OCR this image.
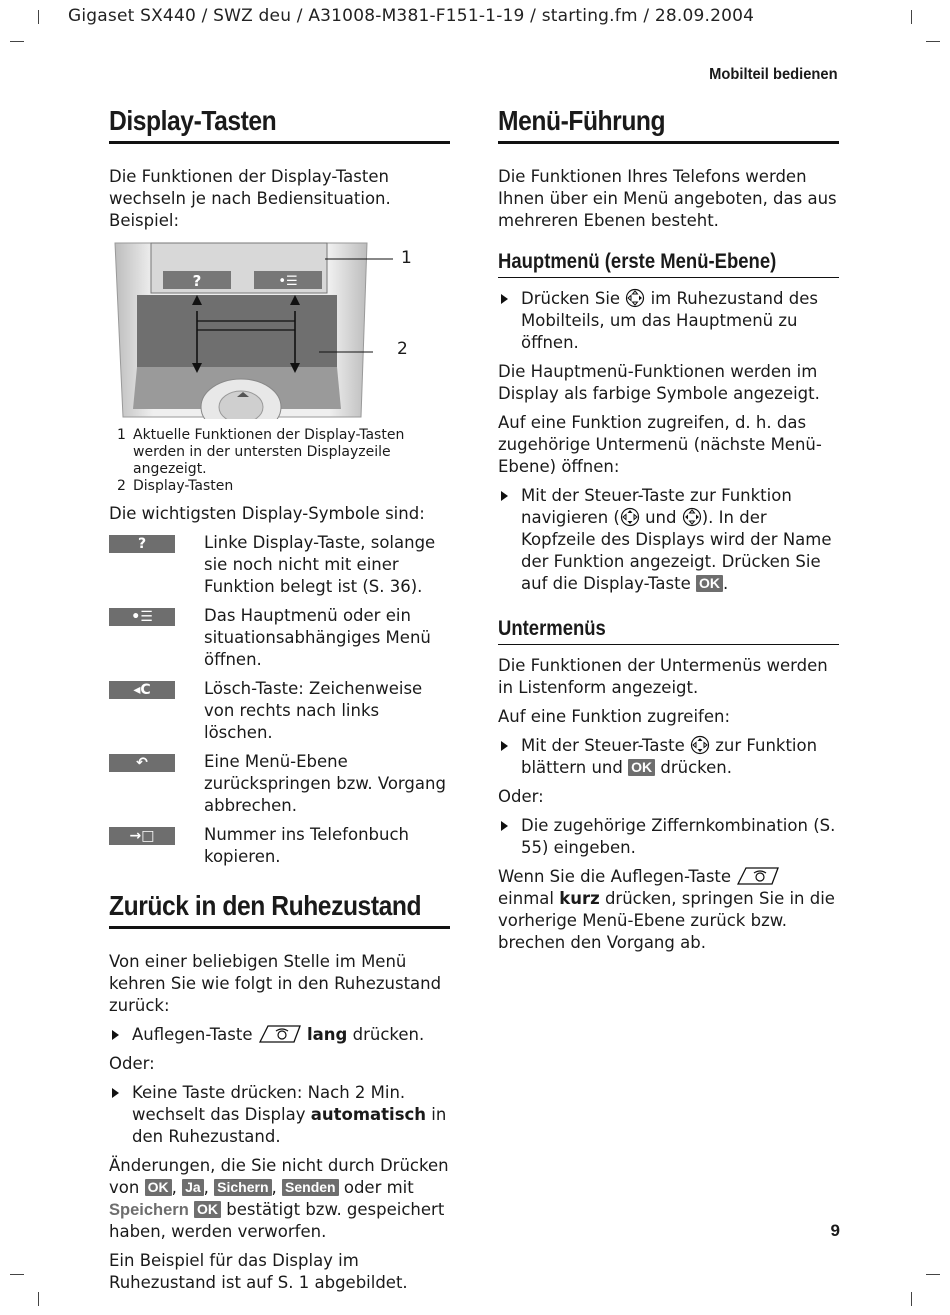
Gigaset SX440 / SWZ deu / A31008-M381-F151-1-19 / starting.fm / 28.09.2004
Mobilteil bedienen
Display-Tasten

Die Funktionen der Display-Tasten wechseln je nach Bediensituation. Beispiel:

?	•☰
1
2
1 Aktuelle Funktionen der Display-Tasten werden in der untersten Displayzeile angezeigt.
2 Display-Tasten

Die wichtigsten Display-Symbole sind:

?	Linke Display-Taste, solange sie noch nicht mit einer Funktion belegt ist (S. 36).
•☰	Das Hauptmenü oder ein situationsabhängiges Menü öffnen.
◂C	Lösch-Taste: Zeichenweise von rechts nach links löschen.
↶	Eine Menü-Ebene zurückspringen bzw. Vorgang abbrechen.
→□	Nummer ins Telefonbuch kopieren.
Zurück in den Ruhezustand

Von einer beliebigen Stelle im Menü kehren Sie wie folgt in den Ruhezustand zurück:

Auflegen-Taste	lang drücken.

Oder:

Keine Taste drücken: Nach 2 Min. wechselt das Display automatisch in den Ruhezustand.

Änderungen, die Sie nicht durch Drücken von OK , Ja , Sichern , Senden oder mit Speichern OK bestätigt bzw. gespeichert haben, werden verworfen.

Ein Beispiel für das Display im Ruhezustand ist auf S. 1 abgebildet.

Menü-Führung

Die Funktionen Ihres Telefons werden Ihnen über ein Menü angeboten, das aus mehreren Ebenen besteht.

Hauptmenü (erste Menü-Ebene)
Drücken Sie im Ruhezustand des Mobilteils, um das Hauptmenü zu öffnen.

Die Hauptmenü-Funktionen werden im Display als farbige Symbole angezeigt.

Auf eine Funktion zugreifen, d. h. das zugehörige Untermenü (nächste Menü-Ebene) öffnen:

Mit der Steuer-Taste zur Funktion navigieren ( und ). In der Kopfzeile des Displays wird der Name der Funktion angezeigt. Drücken Sie auf die Display-Taste OK .
Untermenüs

Die Funktionen der Untermenüs werden in Listenform angezeigt.

Auf eine Funktion zugreifen:

Mit der Steuer-Taste zur Funktion blättern und OK drücken.

Oder:

Die zugehörige Ziffernkombination (S. 55) eingeben.

Wenn Sie die Auflegen-Taste  einmal kurz drücken, springen Sie in die vorherige Menü-Ebene zurück bzw. brechen den Vorgang ab.

9
